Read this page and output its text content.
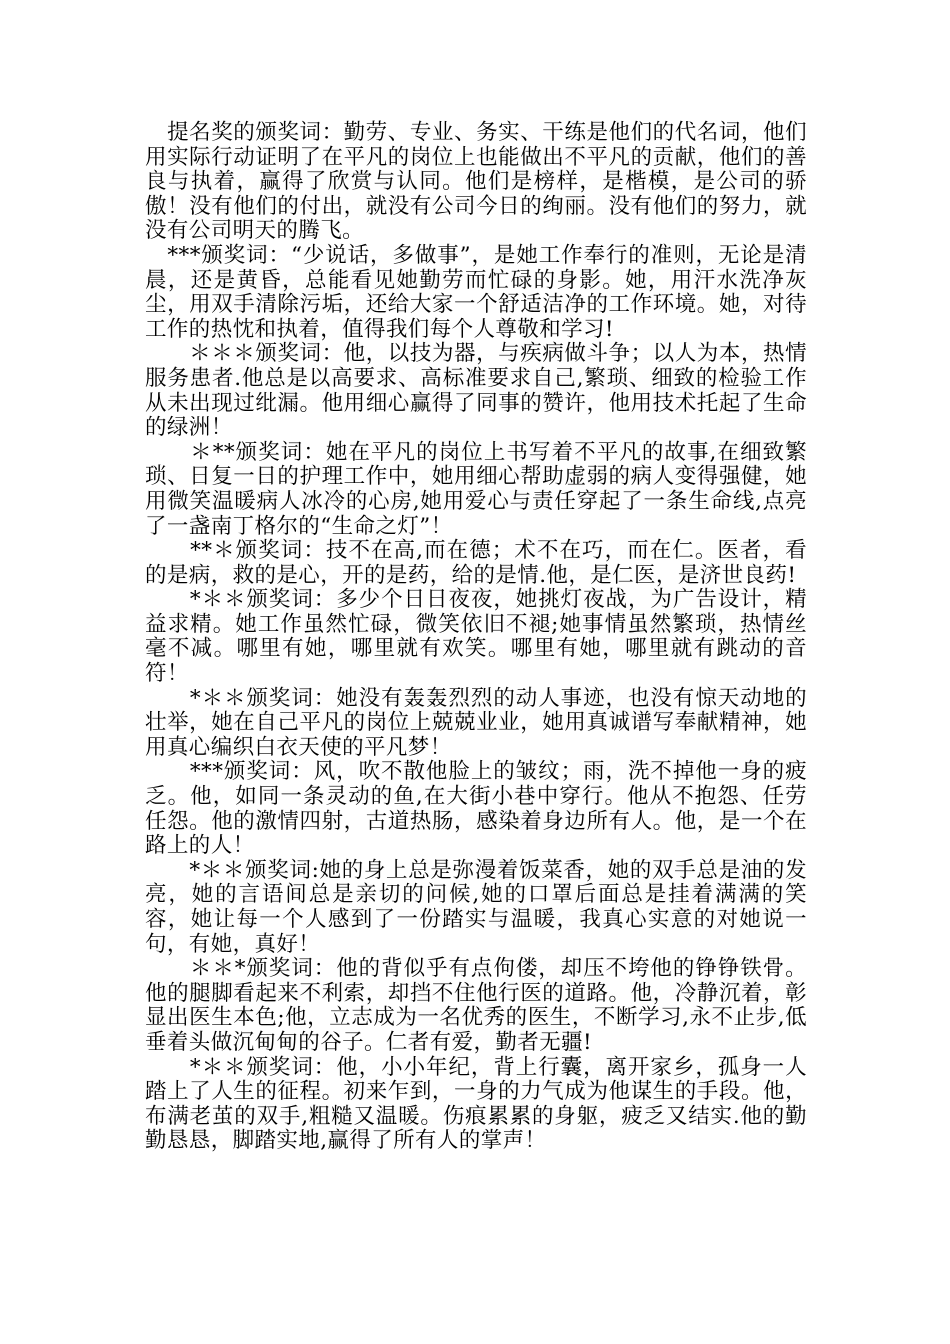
　提名奖的颁奖词：勤劳、专业、务实、干练是他们的代名词，他们用实际行动证明了在平凡的岗位上也能做出不平凡的贡献，他们的善良与执着，赢得了欣赏与认同。他们是榜样，是楷模，是公司的骄傲！没有他们的付出，就没有公司今日的绚丽。没有他们的努力，就没有公司明天的腾飞。

　***颁奖词：“少说话，多做事”，是她工作奉行的准则，无论是清晨，还是黄昏，总能看见她勤劳而忙碌的身影。她，用汗水洗净灰尘，用双手清除污垢，还给大家一个舒适洁净的工作环境。她，对待工作的热忱和执着，值得我们每个人尊敬和学习!

　　＊＊＊颁奖词：他，以技为器，与疾病做斗争；以人为本，热情服务患者.他总是以高要求、高标准要求自己,繁琐、细致的检验工作从未出现过纰漏。他用细心赢得了同事的赞许，他用技术托起了生命的绿洲！

　　＊**颁奖词：她在平凡的岗位上书写着不平凡的故事,在细致繁琐、日复一日的护理工作中，她用细心帮助虚弱的病人变得强健，她用微笑温暖病人冰冷的心房,她用爱心与责任穿起了一条生命线,点亮了一盏南丁格尔的“生命之灯”！

　　**＊颁奖词：技不在高,而在德；术不在巧，而在仁。医者，看的是病，救的是心，开的是药，给的是情.他，是仁医，是济世良药!

　　*＊＊颁奖词：多少个日日夜夜，她挑灯夜战，为广告设计，精益求精。她工作虽然忙碌，微笑依旧不褪;她事情虽然繁琐，热情丝毫不减。哪里有她，哪里就有欢笑。哪里有她，哪里就有跳动的音符！

　　*＊＊颁奖词：她没有轰轰烈烈的动人事迹，也没有惊天动地的壮举，她在自己平凡的岗位上兢兢业业，她用真诚谱写奉献精神，她用真心编织白衣天使的平凡梦！

　　***颁奖词：风，吹不散他脸上的皱纹；雨，洗不掉他一身的疲乏。他，如同一条灵动的鱼,在大街小巷中穿行。他从不抱怨、任劳任怨。他的激情四射，古道热肠，感染着身边所有人。他，是一个在路上的人！

　　*＊＊颁奖词:她的身上总是弥漫着饭菜香，她的双手总是油的发亮，她的言语间总是亲切的问候,她的口罩后面总是挂着满满的笑容，她让每一个人感到了一份踏实与温暖，我真心实意的对她说一句，有她，真好！

　　＊＊*颁奖词：他的背似乎有点佝偻，却压不垮他的铮铮铁骨。他的腿脚看起来不利索，却挡不住他行医的道路。他，冷静沉着，彰显出医生本色;他，立志成为一名优秀的医生，不断学习,永不止步,低垂着头做沉甸甸的谷子。仁者有爱，勤者无疆!

　　*＊＊颁奖词：他，小小年纪，背上行囊，离开家乡，孤身一人踏上了人生的征程。初来乍到，一身的力气成为他谋生的手段。他，布满老茧的双手,粗糙又温暖。伤痕累累的身躯，疲乏又结实.他的勤勤恳恳，脚踏实地,赢得了所有人的掌声！
